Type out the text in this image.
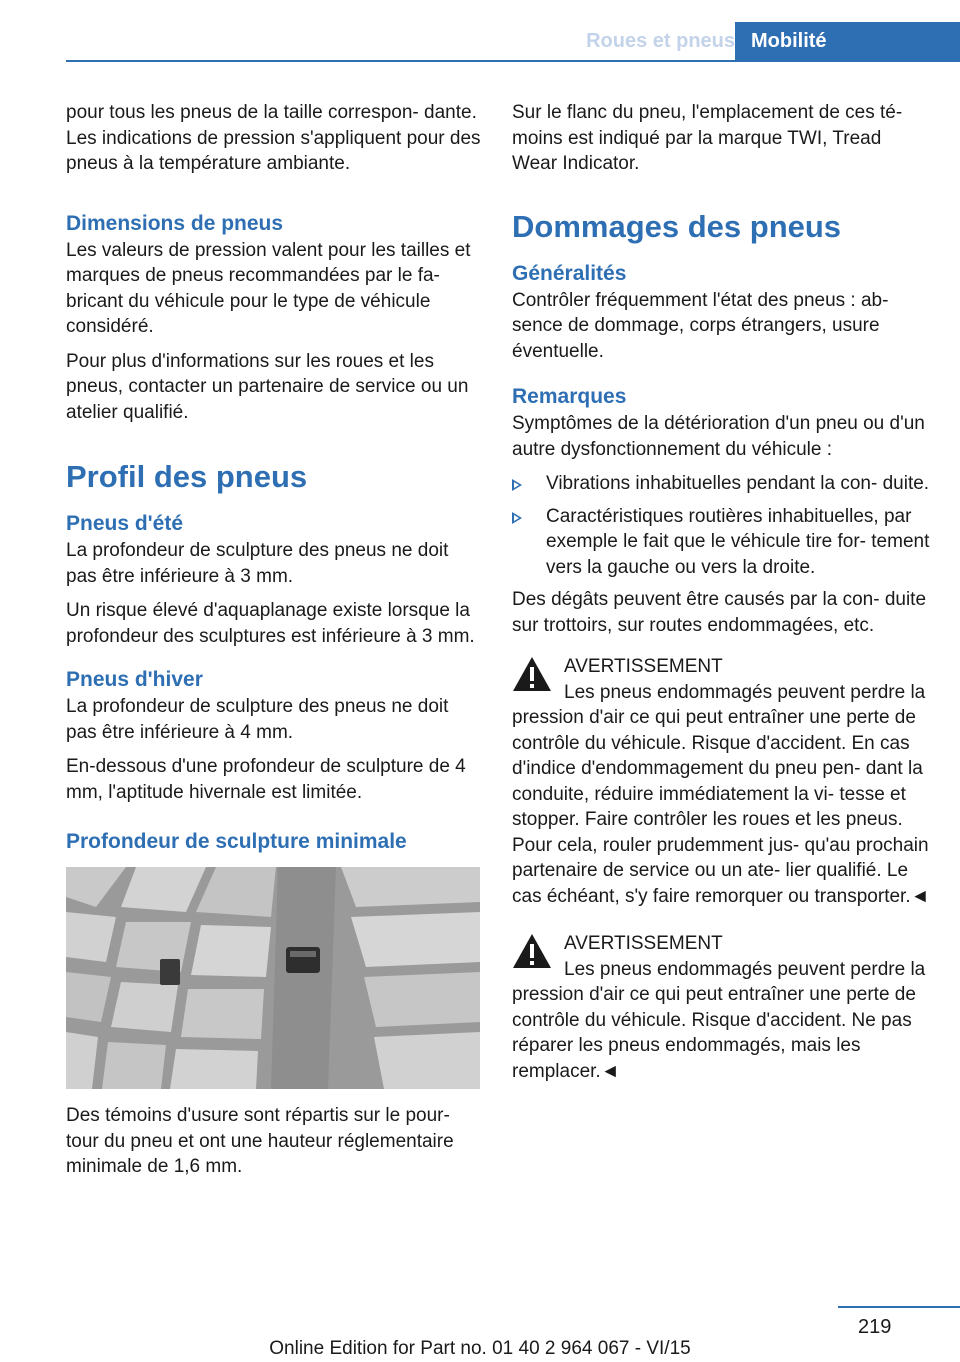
Roues et pneus Mobilité

pour tous les pneus de la taille correspon- dante. Les indications de pression s'appliquent pour des pneus à la température ambiante.

Dimensions de pneus

Les valeurs de pression valent pour les tailles et marques de pneus recommandées par le fa- bricant du véhicule pour le type de véhicule considéré.

Pour plus d'informations sur les roues et les pneus, contacter un partenaire de service ou un atelier qualifié.

Profil des pneus
Pneus d'été

La profondeur de sculpture des pneus ne doit pas être inférieure à 3 mm.

Un risque élevé d'aquaplanage existe lorsque la profondeur des sculptures est inférieure à 3 mm.

Pneus d'hiver

La profondeur de sculpture des pneus ne doit pas être inférieure à 4 mm.

En-dessous d'une profondeur de sculpture de 4 mm, l'aptitude hivernale est limitée.

Profondeur de sculpture minimale

Des témoins d'usure sont répartis sur le pour- tour du pneu et ont une hauteur réglementaire minimale de 1,6 mm.

Sur le flanc du pneu, l'emplacement de ces té- moins est indiqué par la marque TWI, Tread Wear Indicator.

Dommages des pneus
Généralités

Contrôler fréquemment l'état des pneus : ab- sence de dommage, corps étrangers, usure éventuelle.

Remarques

Symptômes de la détérioration d'un pneu ou d'un autre dysfonctionnement du véhicule :

Vibrations inhabituelles pendant la con- duite.
Caractéristiques routières inhabituelles, par exemple le fait que le véhicule tire for- tement vers la gauche ou vers la droite.

Des dégâts peuvent être causés par la con- duite sur trottoirs, sur routes endommagées, etc.

AVERTISSEMENT
Les pneus endommagés peuvent perdre la pression d'air ce qui peut entraîner une perte de contrôle du véhicule. Risque d'accident. En cas d'indice d'endommagement du pneu pen- dant la conduite, réduire immédiatement la vi- tesse et stopper. Faire contrôler les roues et les pneus. Pour cela, rouler prudemment jus- qu'au prochain partenaire de service ou un ate- lier qualifié. Le cas échéant, s'y faire remorquer ou transporter.◄
AVERTISSEMENT
Les pneus endommagés peuvent perdre la pression d'air ce qui peut entraîner une perte de contrôle du véhicule. Risque d'accident. Ne pas réparer les pneus endommagés, mais les remplacer.◄
219
Online Edition for Part no. 01 40 2 964 067 - VI/15
